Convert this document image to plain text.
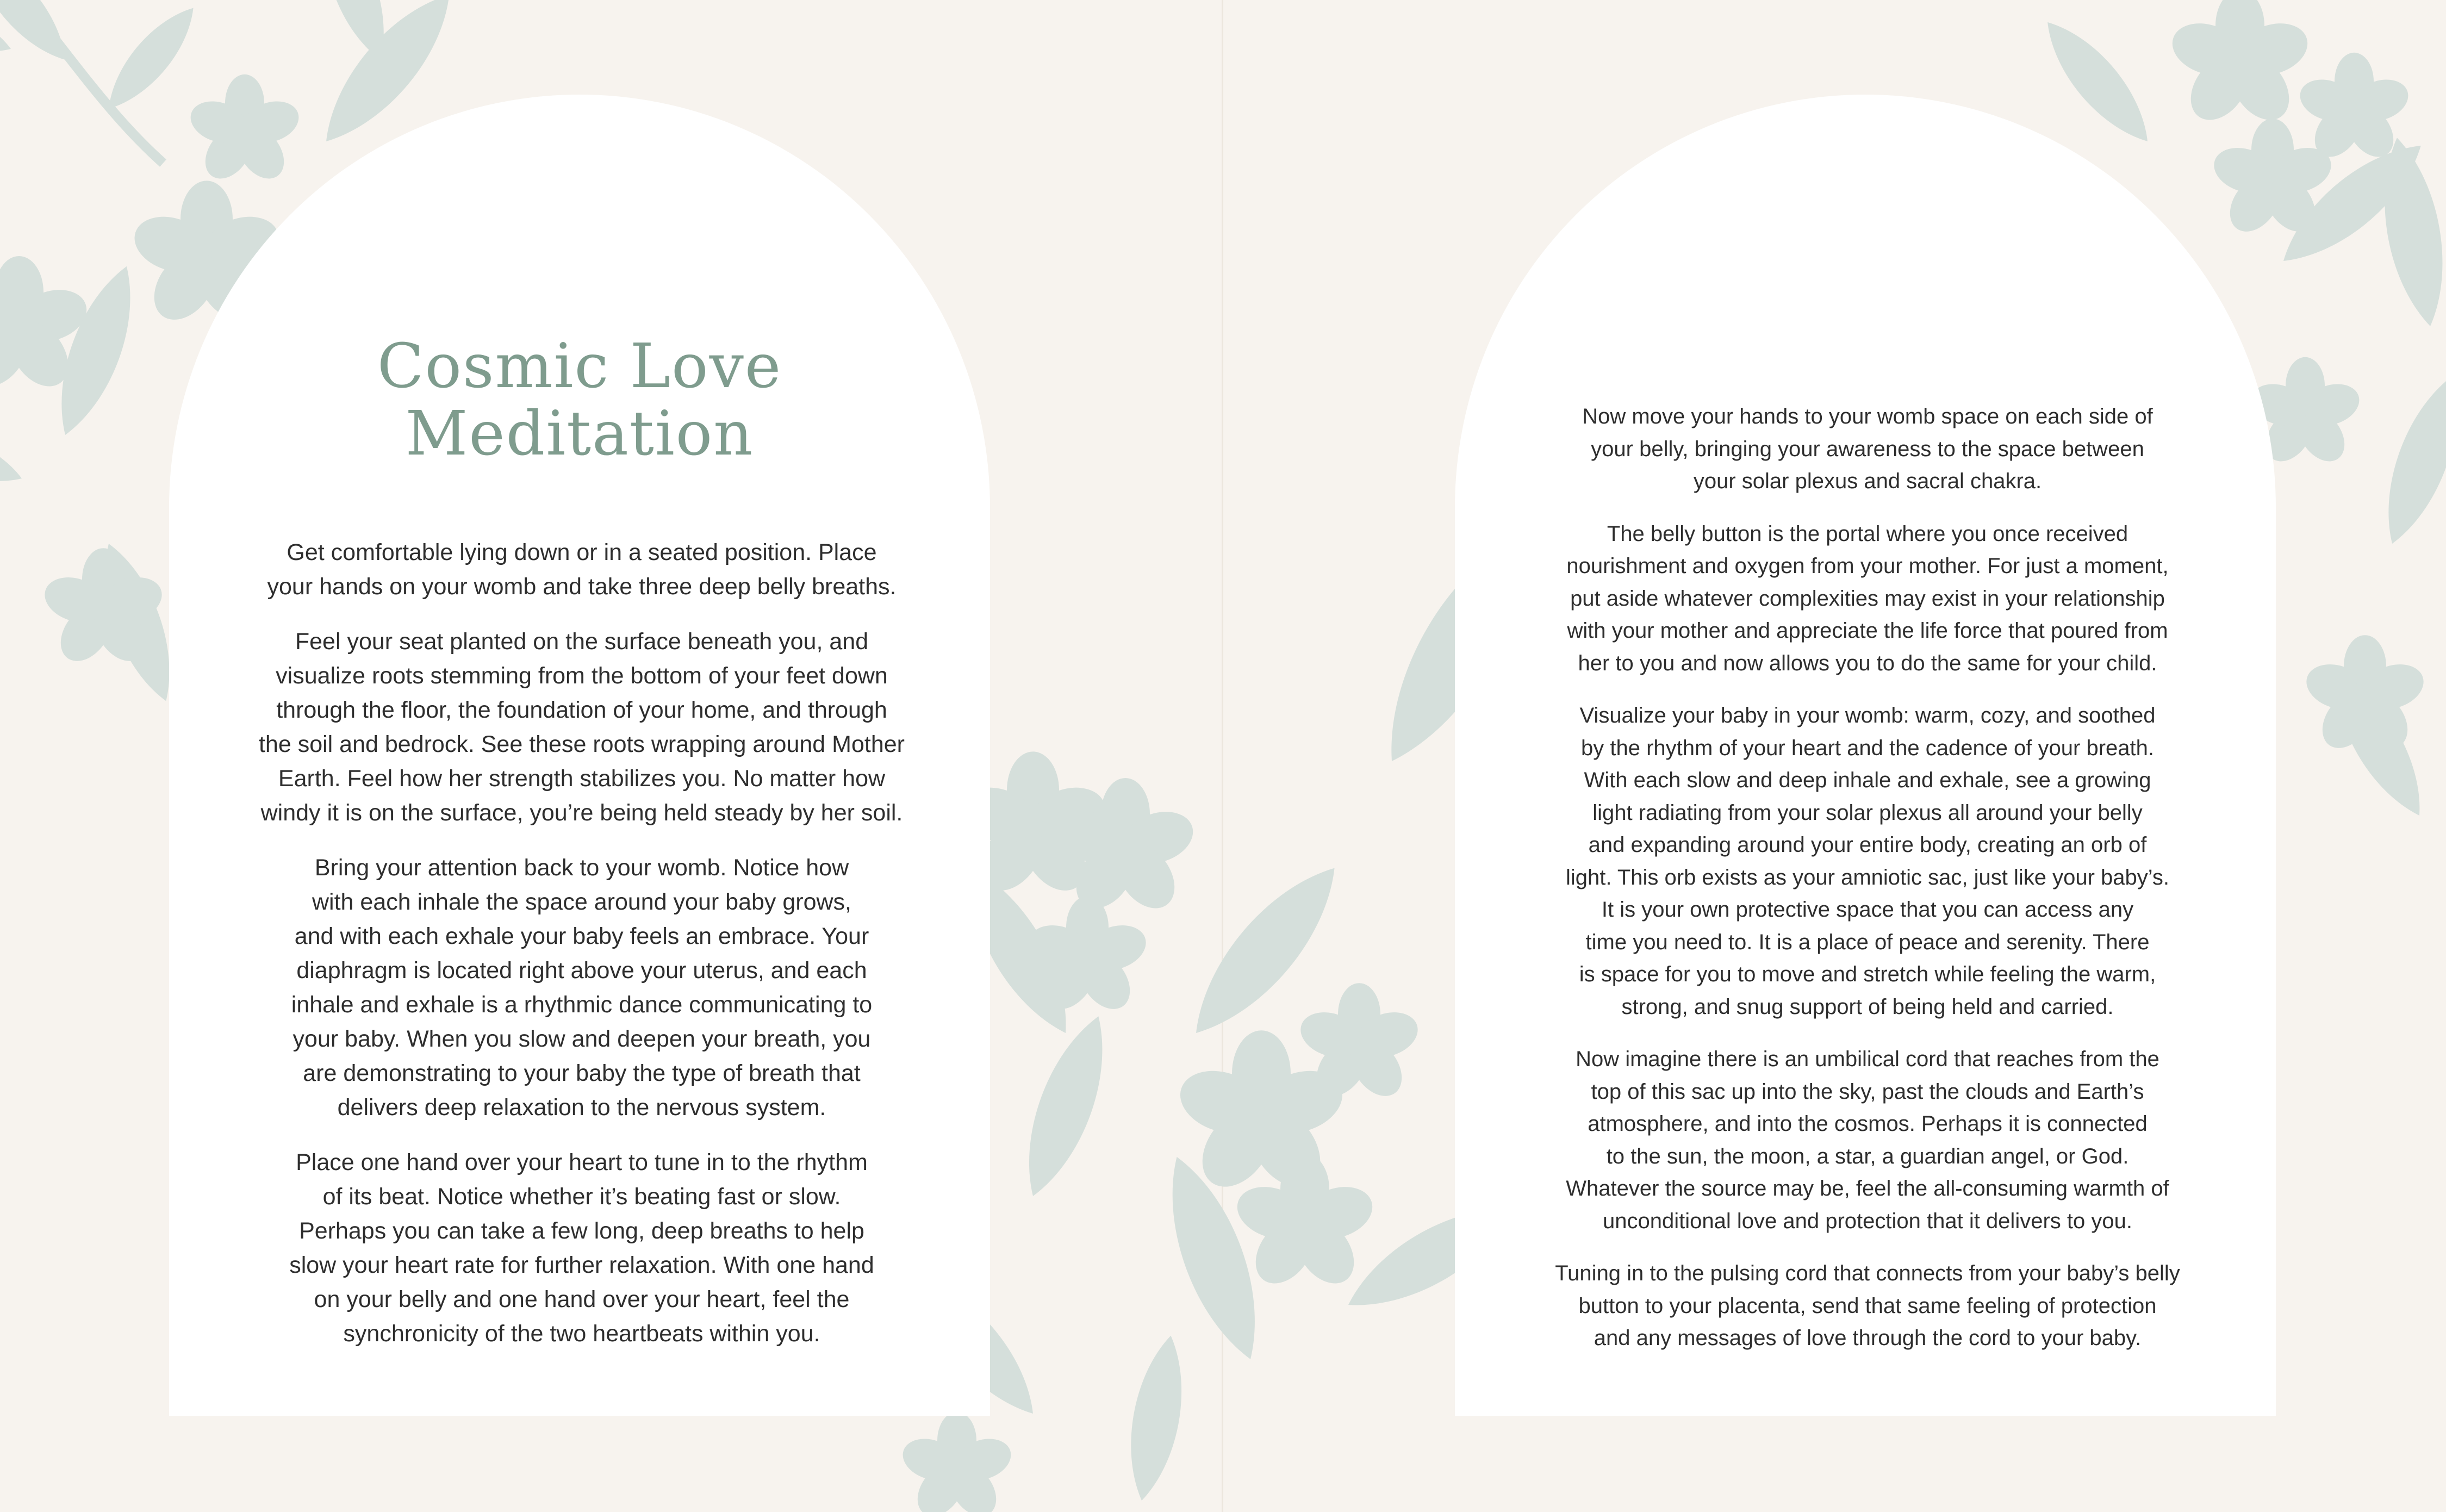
Cosmic Love
Meditation

Get comfortable lying down or in a seated position. Place
your hands on your womb and take three deep belly breaths.

Feel your seat planted on the surface beneath you, and
visualize roots stemming from the bottom of your feet down
through the floor, the foundation of your home, and through
the soil and bedrock. See these roots wrapping around Mother
Earth. Feel how her strength stabilizes you. No matter how
windy it is on the surface, you’re being held steady by her soil.

Bring your attention back to your womb. Notice how
with each inhale the space around your baby grows,
and with each exhale your baby feels an embrace. Your
diaphragm is located right above your uterus, and each
inhale and exhale is a rhythmic dance communicating to
your baby. When you slow and deepen your breath, you
are demonstrating to your baby the type of breath that
delivers deep relaxation to the nervous system.

Place one hand over your heart to tune in to the rhythm
of its beat. Notice whether it’s beating fast or slow.
Perhaps you can take a few long, deep breaths to help
slow your heart rate for further relaxation. With one hand
on your belly and one hand over your heart, feel the
synchronicity of the two heartbeats within you.

Now move your hands to your womb space on each side of
your belly, bringing your awareness to the space between
your solar plexus and sacral chakra.

The belly button is the portal where you once received
nourishment and oxygen from your mother. For just a moment,
put aside whatever complexities may exist in your relationship
with your mother and appreciate the life force that poured from
her to you and now allows you to do the same for your child.

Visualize your baby in your womb: warm, cozy, and soothed
by the rhythm of your heart and the cadence of your breath.
With each slow and deep inhale and exhale, see a growing
light radiating from your solar plexus all around your belly
and expanding around your entire body, creating an orb of
light. This orb exists as your amniotic sac, just like your baby’s.
It is your own protective space that you can access any
time you need to. It is a place of peace and serenity. There
is space for you to move and stretch while feeling the warm,
strong, and snug support of being held and carried.

Now imagine there is an umbilical cord that reaches from the
top of this sac up into the sky, past the clouds and Earth’s
atmosphere, and into the cosmos. Perhaps it is connected
to the sun, the moon, a star, a guardian angel, or God.
Whatever the source may be, feel the all-consuming warmth of
unconditional love and protection that it delivers to you.

Tuning in to the pulsing cord that connects from your baby’s belly
button to your placenta, send that same feeling of protection
and any messages of love through the cord to your baby.
